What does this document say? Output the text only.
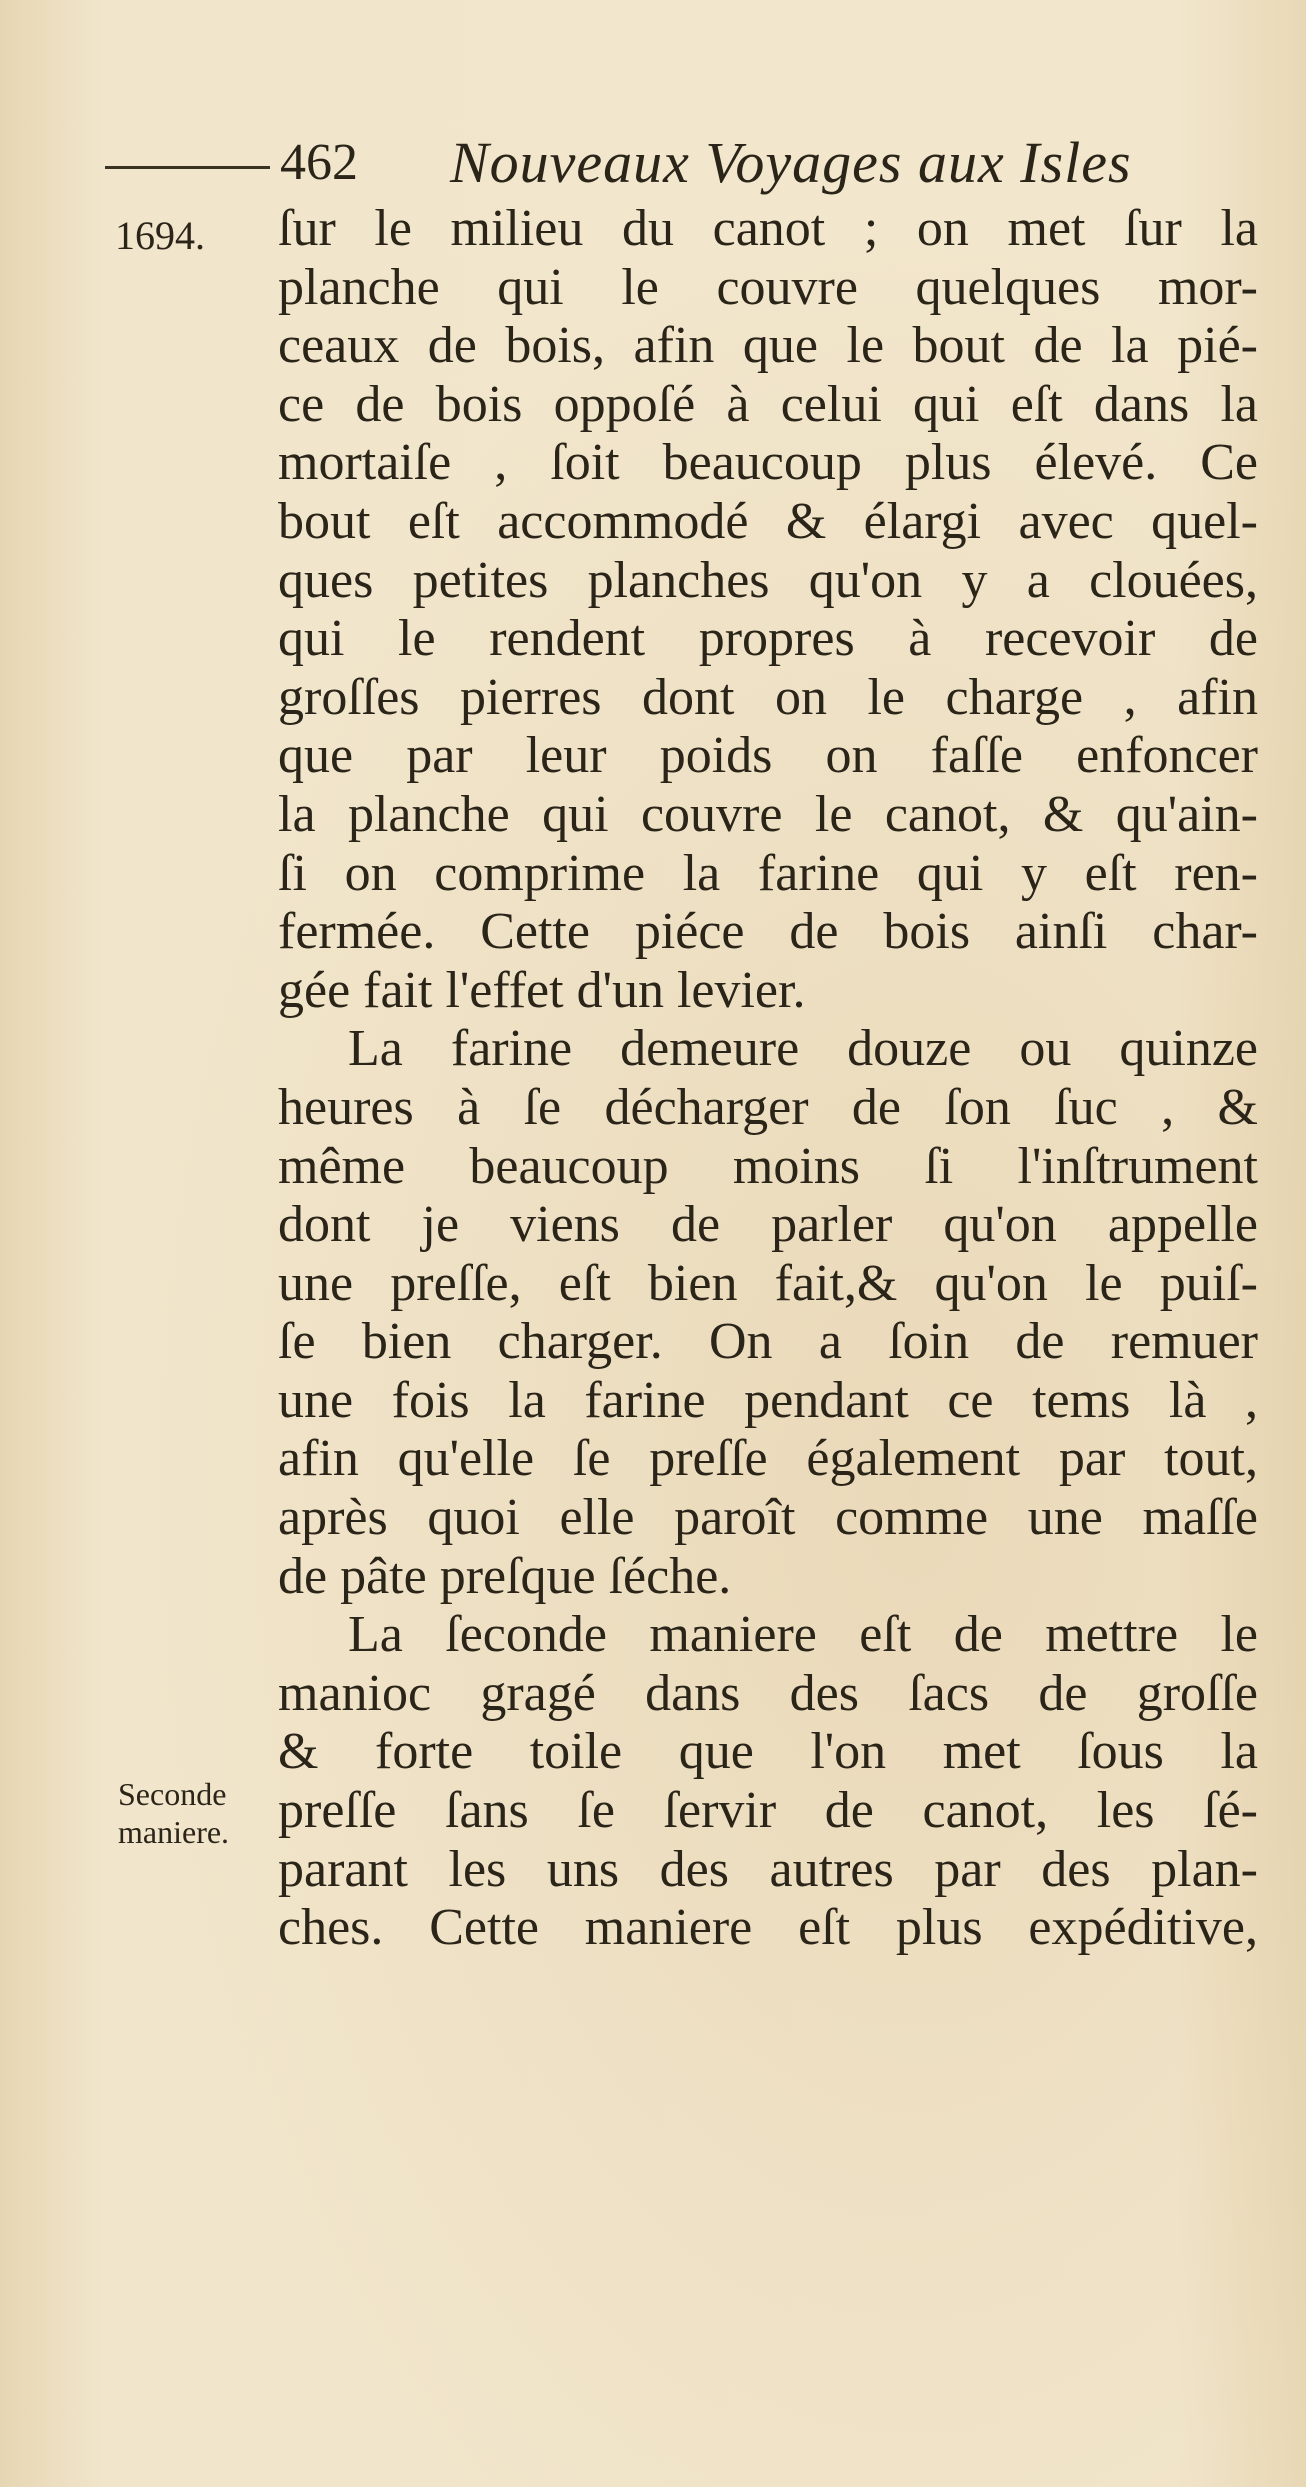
462 Nouveaux Voyages aux Isles
1694.
Seconde
maniere.
ſur le milieu du canot ; on met ſur la
planche qui le couvre quelques mor-
ceaux de bois, afin que le bout de la pié-
ce de bois oppoſé à celui qui eſt dans la
mortaiſe , ſoit beaucoup plus élevé. Ce
bout eſt accommodé & élargi avec quel-
ques petites planches qu'on y a clouées,
qui le rendent propres à recevoir de
groſſes pierres dont on le charge , afin
que par leur poids on faſſe enfoncer
la planche qui couvre le canot, & qu'ain-
ſi on comprime la farine qui y eſt ren-
fermée. Cette piéce de bois ainſi char-
gée fait l'effet d'un levier.
La farine demeure douze ou quinze
heures à ſe décharger de ſon ſuc , &
même beaucoup moins ſi l'inſtrument
dont je viens de parler qu'on appelle
une preſſe, eſt bien fait,& qu'on le puiſ-
ſe bien charger. On a ſoin de remuer
une fois la farine pendant ce tems là ,
afin qu'elle ſe preſſe également par tout,
après quoi elle paroît comme une maſſe
de pâte preſque ſéche.
La ſeconde maniere eſt de mettre le
manioc gragé dans des ſacs de groſſe
& forte toile que l'on met ſous la
preſſe ſans ſe ſervir de canot, les ſé-
parant les uns des autres par des plan-
ches. Cette maniere eſt plus expéditive,
